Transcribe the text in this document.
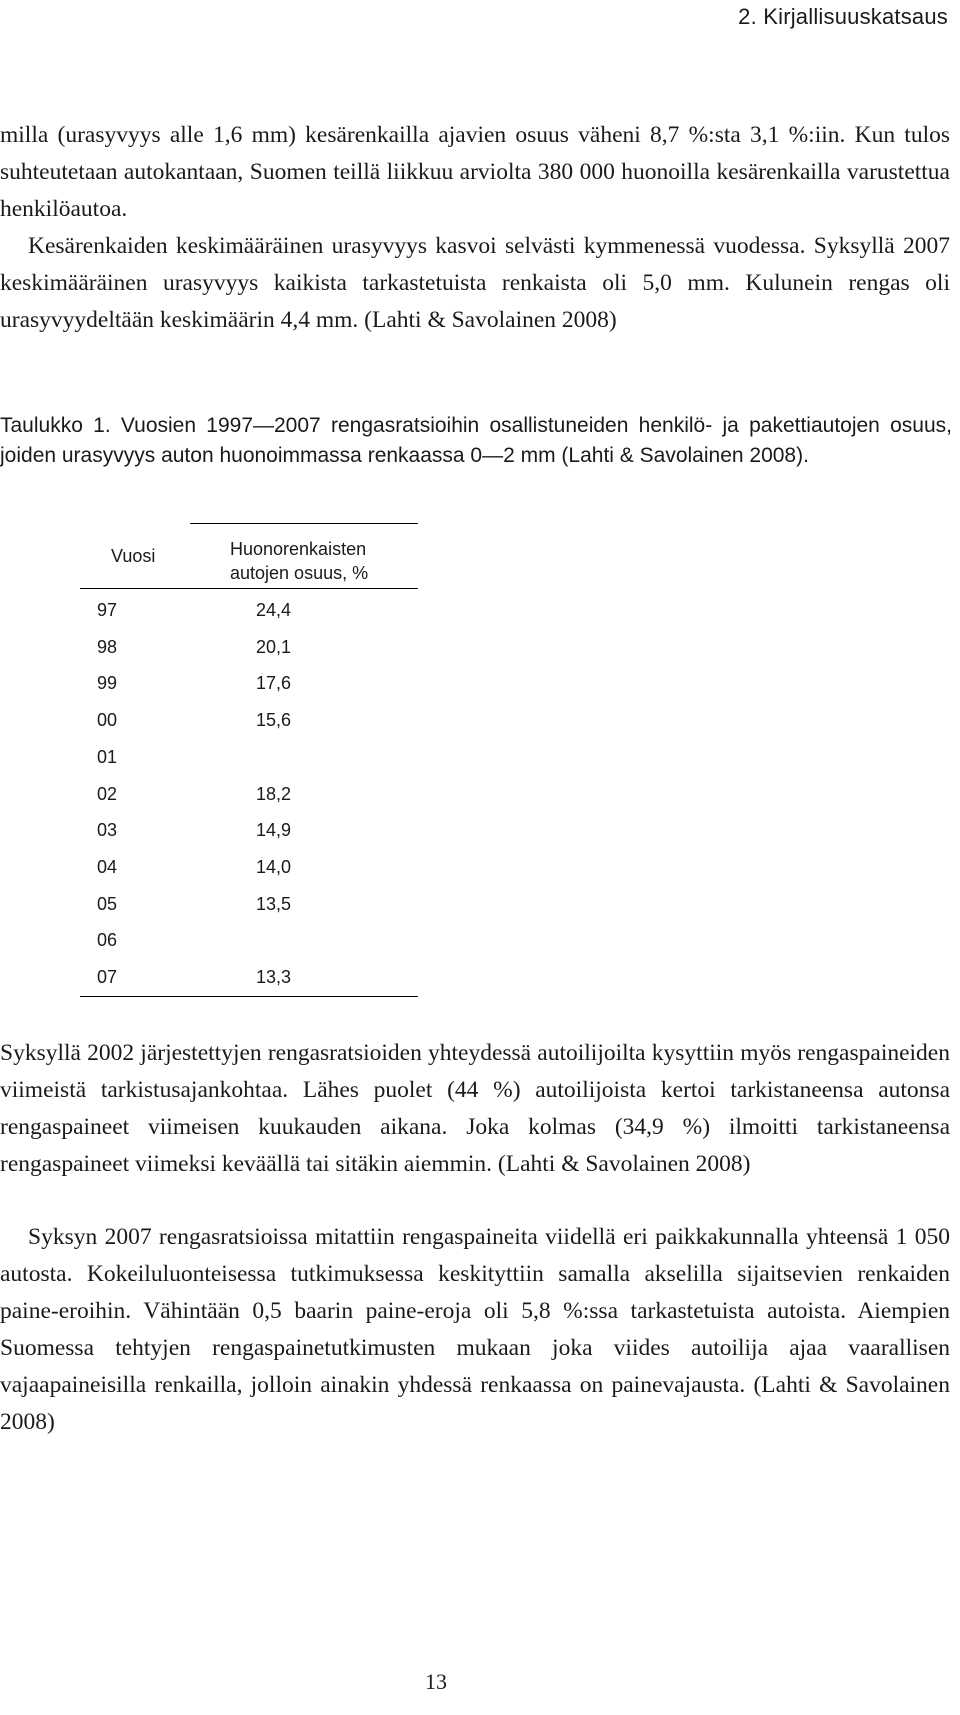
2. Kirjallisuuskatsaus

milla (urasyvyys alle 1,6 mm) kesärenkailla ajavien osuus väheni 8,7 %:sta 3,1 %:iin. Kun tulos suhteutetaan autokantaan, Suomen teillä liikkuu arviolta 380 000 huonoilla kesärenkailla varustettua henkilöautoa.
Kesärenkaiden keskimääräinen urasyvyys kasvoi selvästi kymmenessä vuodessa. Syksyllä 2007 keskimääräinen urasyvyys kaikista tarkastetuista renkaista oli 5,0 mm. Kulunein rengas oli urasyvyydeltään keskimäärin 4,4 mm. (Lahti & Savolainen 2008)

Taulukko 1. Vuosien 1997—2007 rengasratsioihin osallistuneiden henkilö- ja pakettiautojen osuus, joiden urasyvyys auton huonoimmassa renkaassa 0—2 mm (Lahti & Savolainen 2008).

Vuosi	Huonorenkaisten
autojen osuus, %
97	24,4
98	20,1
99	17,6
00	15,6
01
02	18,2
03	14,9
04	14,0
05	13,5
06
07	13,3

Syksyllä 2002 järjestettyjen rengasratsioiden yhteydessä autoilijoilta kysyttiin myös rengaspaineiden viimeistä tarkistusajankohtaa. Lähes puolet (44 %) autoilijoista kertoi tarkistaneensa autonsa rengaspaineet viimeisen kuukauden aikana. Joka kolmas (34,9 %) ilmoitti tarkistaneensa rengaspaineet viimeksi keväällä tai sitäkin aiemmin. (Lahti & Savolainen 2008)

Syksyn 2007 rengasratsioissa mitattiin rengaspaineita viidellä eri paikkakunnalla yhteensä 1 050 autosta. Kokeiluluonteisessa tutkimuksessa keskityttiin samalla akselilla sijaitsevien renkaiden paine-eroihin. Vähintään 0,5 baarin paine-eroja oli 5,8 %:ssa tarkastetuista autoista. Aiempien Suomessa tehtyjen rengaspainetutkimusten mukaan joka viides autoilija ajaa vaarallisen vajaapaineisilla renkailla, jolloin ainakin yhdessä renkaassa on painevajausta. (Lahti & Savolainen 2008)

13
